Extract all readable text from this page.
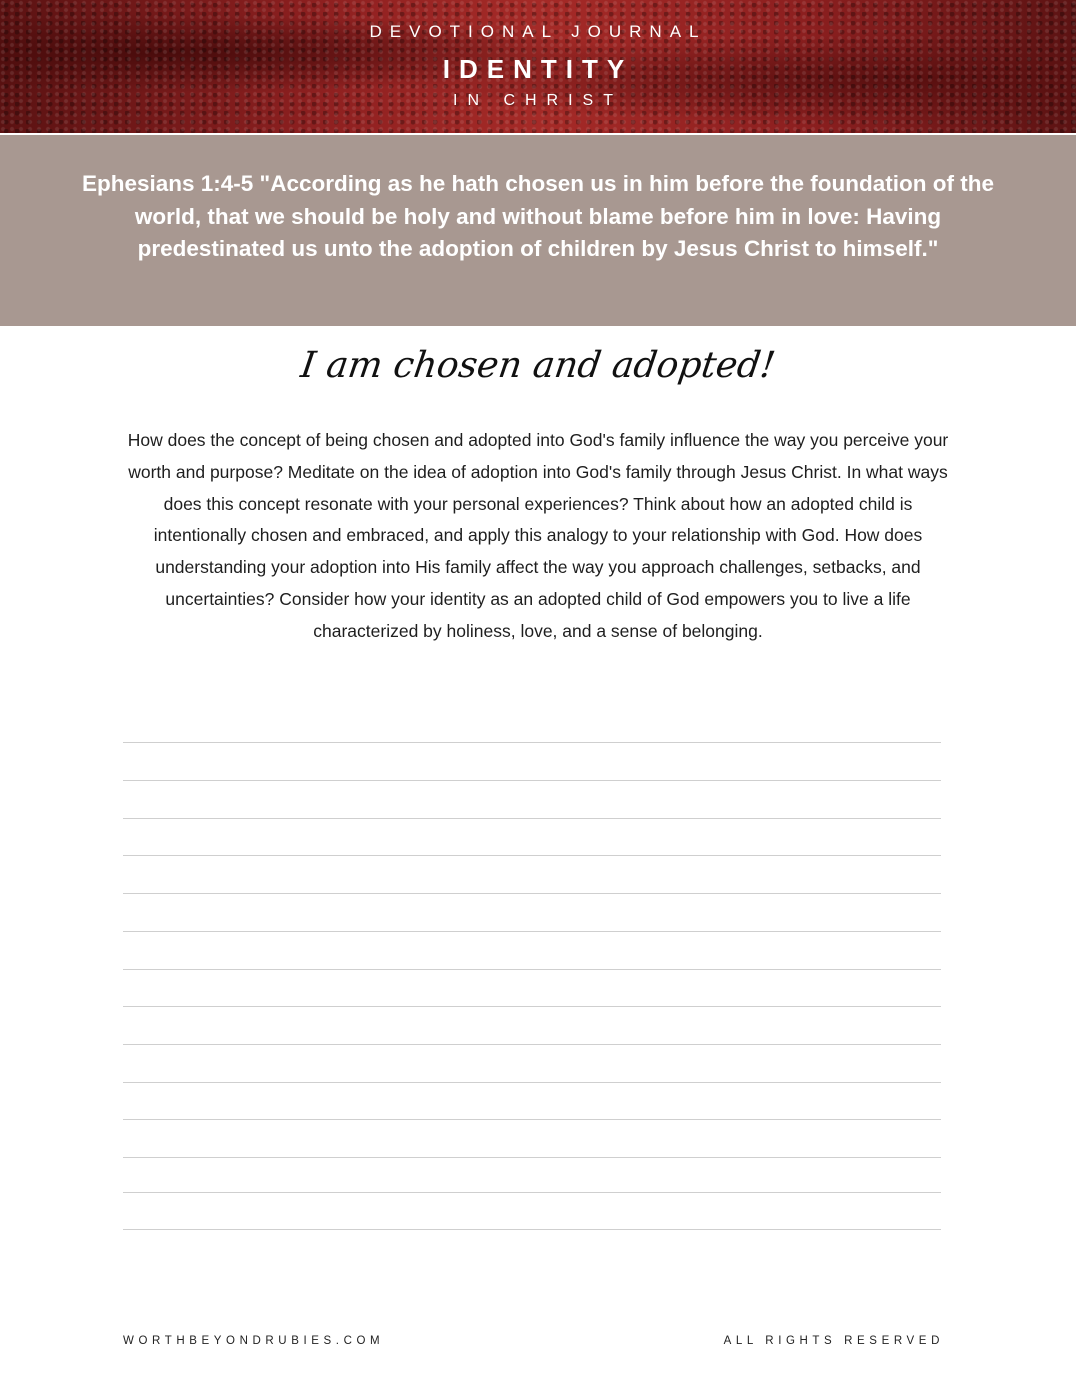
DEVOTIONAL JOURNAL
IDENTITY
IN CHRIST
Ephesians 1:4-5 "According as he hath chosen us in him before the foundation of the world, that we should be holy and without blame before him in love: Having predestinated us unto the adoption of children by Jesus Christ to himself."
I am chosen and adopted!
How does the concept of being chosen and adopted into God's family influence the way you perceive your worth and purpose? Meditate on the idea of adoption into God's family through Jesus Christ. In what ways does this concept resonate with your personal experiences? Think about how an adopted child is intentionally chosen and embraced, and apply this analogy to your relationship with God. How does understanding your adoption into His family affect the way you approach challenges, setbacks, and uncertainties? Consider how your identity as an adopted child of God empowers you to live a life characterized by holiness, love, and a sense of belonging.
WORTHBEYONDRUBIES.COM	ALL RIGHTS RESERVED
